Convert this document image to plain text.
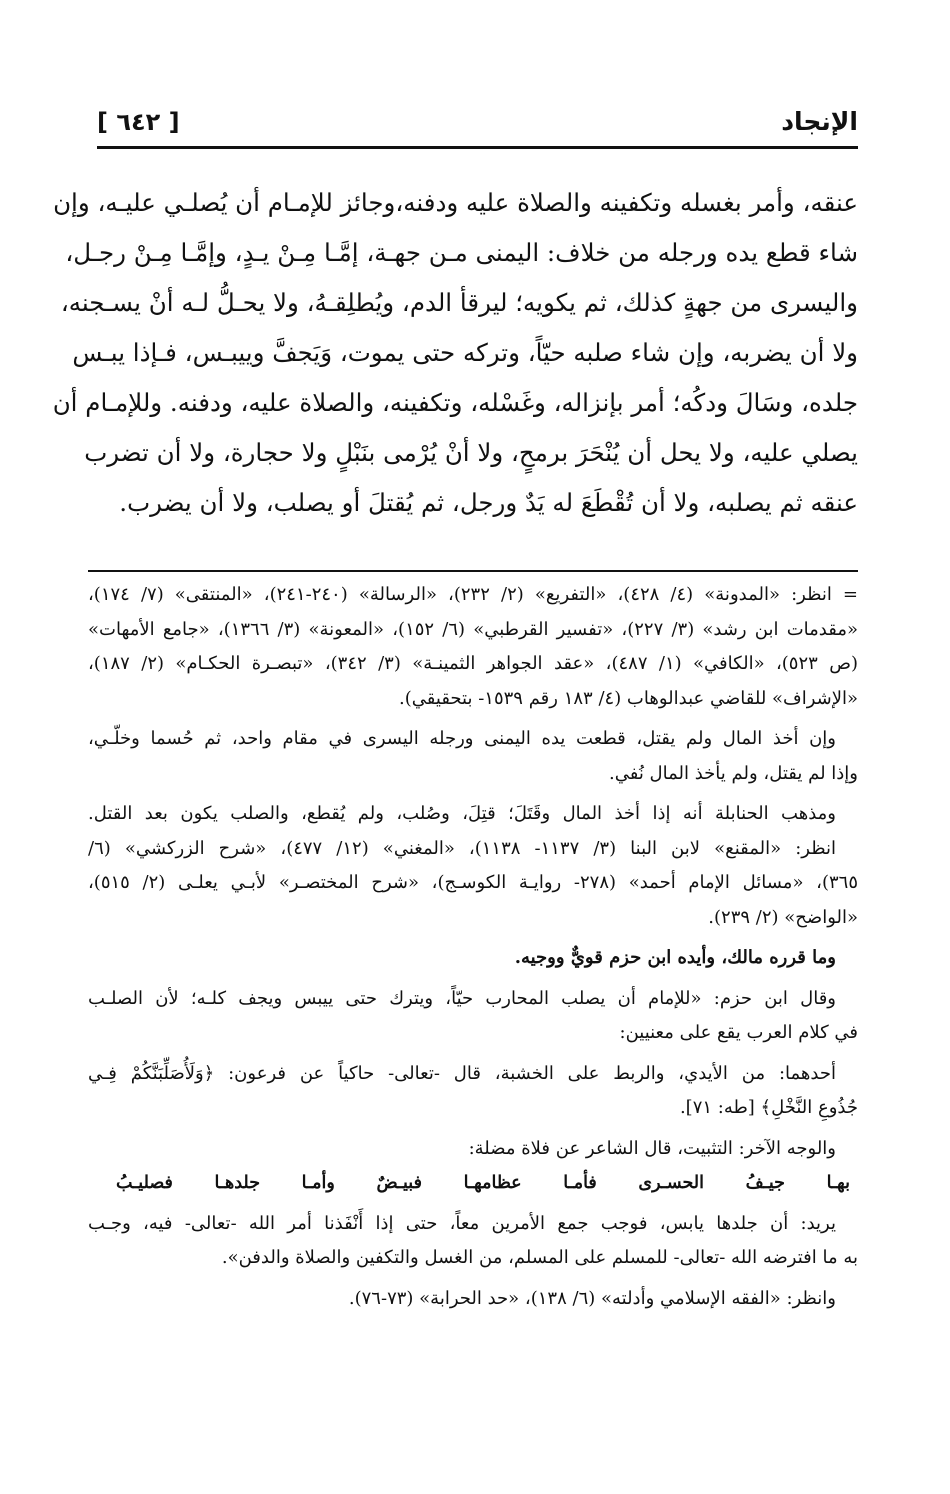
الإنجاد
[ ٦٤٢ ]
عنقه، وأمر بغسله وتكفينه والصلاة عليه ودفنه،وجائز للإمـام أن يُصلـي عليـه، وإن
شاء قطع يده ورجله من خلاف: اليمنى مـن جهـة، إمَّـا مِـنْ يـدٍ، وإمَّـا مِـنْ رجـل،
واليسرى من جهةٍ كذلك، ثم يكويه؛ ليرقأ الدم، ويُطلِقـهُ، ولا يحـلُّ لـه أنْ يسـجنه،
ولا أن يضربه، وإن شاء صلبه حيّاً، وتركه حتى يموت، وَيَجفَّ وييبـس، فـإذا يبـس
جلده، وسَالَ ودكُه؛ أمر بإنزاله، وغَسْله، وتكفينه، والصلاة عليه، ودفنه. وللإمـام أن
يصلي عليه، ولا يحل أن يُنْحَرَ برمحٍ، ولا أنْ يُرْمى بنَبْلٍ ولا حجارة، ولا أن تضرب
عنقه ثم يصلبه، ولا أن تُقْطَعَ له يَدٌ ورجل، ثم يُقتلَ أو يصلب، ولا أن يضرب.
= انظر: «المدونة» (٤/ ٤٢٨)، «التفريع» (٢/ ٢٣٢)، «الرسالة» (٢٤٠-٢٤١)، «المنتقى» (٧/ ١٧٤)،
«مقدمات ابن رشد» (٣/ ٢٢٧)، «تفسير القرطبي» (٦/ ١٥٢)، «المعونة» (٣/ ١٣٦٦)، «جامع الأمهات»
(ص ٥٢٣)، «الكافي» (١/ ٤٨٧)، «عقد الجواهر الثمينـة» (٣/ ٣٤٢)، «تبصـرة الحكـام» (٢/ ١٨٧)،
«الإشراف» للقاضي عبدالوهاب (٤/ ١٨٣ رقم ١٥٣٩- بتحقيقي).
وإن أخذ المال ولم يقتل، قطعت يده اليمنى ورجله اليسرى في مقام واحد، ثم حُسما وخلّـي،
وإذا لم يقتل، ولم يأخذ المال نُفي.
ومذهب الحنابلة أنه إذا أخذ المال وقَتَلَ؛ قتِلَ، وصُلب، ولم يُقطع، والصلب يكون بعد القتل.
انظر: «المقنع» لابن البنا (٣/ ١١٣٧- ١١٣٨)، «المغني» (١٢/ ٤٧٧)، «شرح الزركشي» (٦/
٣٦٥)، «مسائل الإمام أحمد» (٢٧٨- روايـة الكوسـج)، «شرح المختصـر» لأبـي يعلـى (٢/ ٥١٥)،
«الواضح» (٢/ ٢٣٩).
وما قرره مالك، وأيده ابن حزم قويٌّ ووجيه.
وقال ابن حزم: «للإمام أن يصلب المحارب حيّاً، ويترك حتى ييبس ويجف كلـه؛ لأن الصلـب
في كلام العرب يقع على معنيين:
أحدهما: من الأيدي، والربط على الخشبة، قال -تعالى- حاكياً عن فرعون: ﴿وَلَأُصَلِّبَنَّكُمْ فِـي
جُذُوعِ النَّخْلِ﴾ [طه: ٧١].
والوجه الآخر: التثبيت، قال الشاعر عن فلاة مضلة:
بهـا جيـفُ الحسـرى فأمـا عظامهـا فبيـضٌ وأمـا جلدهـا فصليـبُ
يريد: أن جلدها يابس، فوجب جمع الأمرين معاً، حتى إذا أَنْفَذنا أمر الله -تعالى- فيه، وجـب
به ما افترضه الله -تعالى- للمسلم على المسلم، من الغسل والتكفين والصلاة والدفن».
وانظر: «الفقه الإسلامي وأدلته» (٦/ ١٣٨)، «حد الحرابة» (٧٣-٧٦).
